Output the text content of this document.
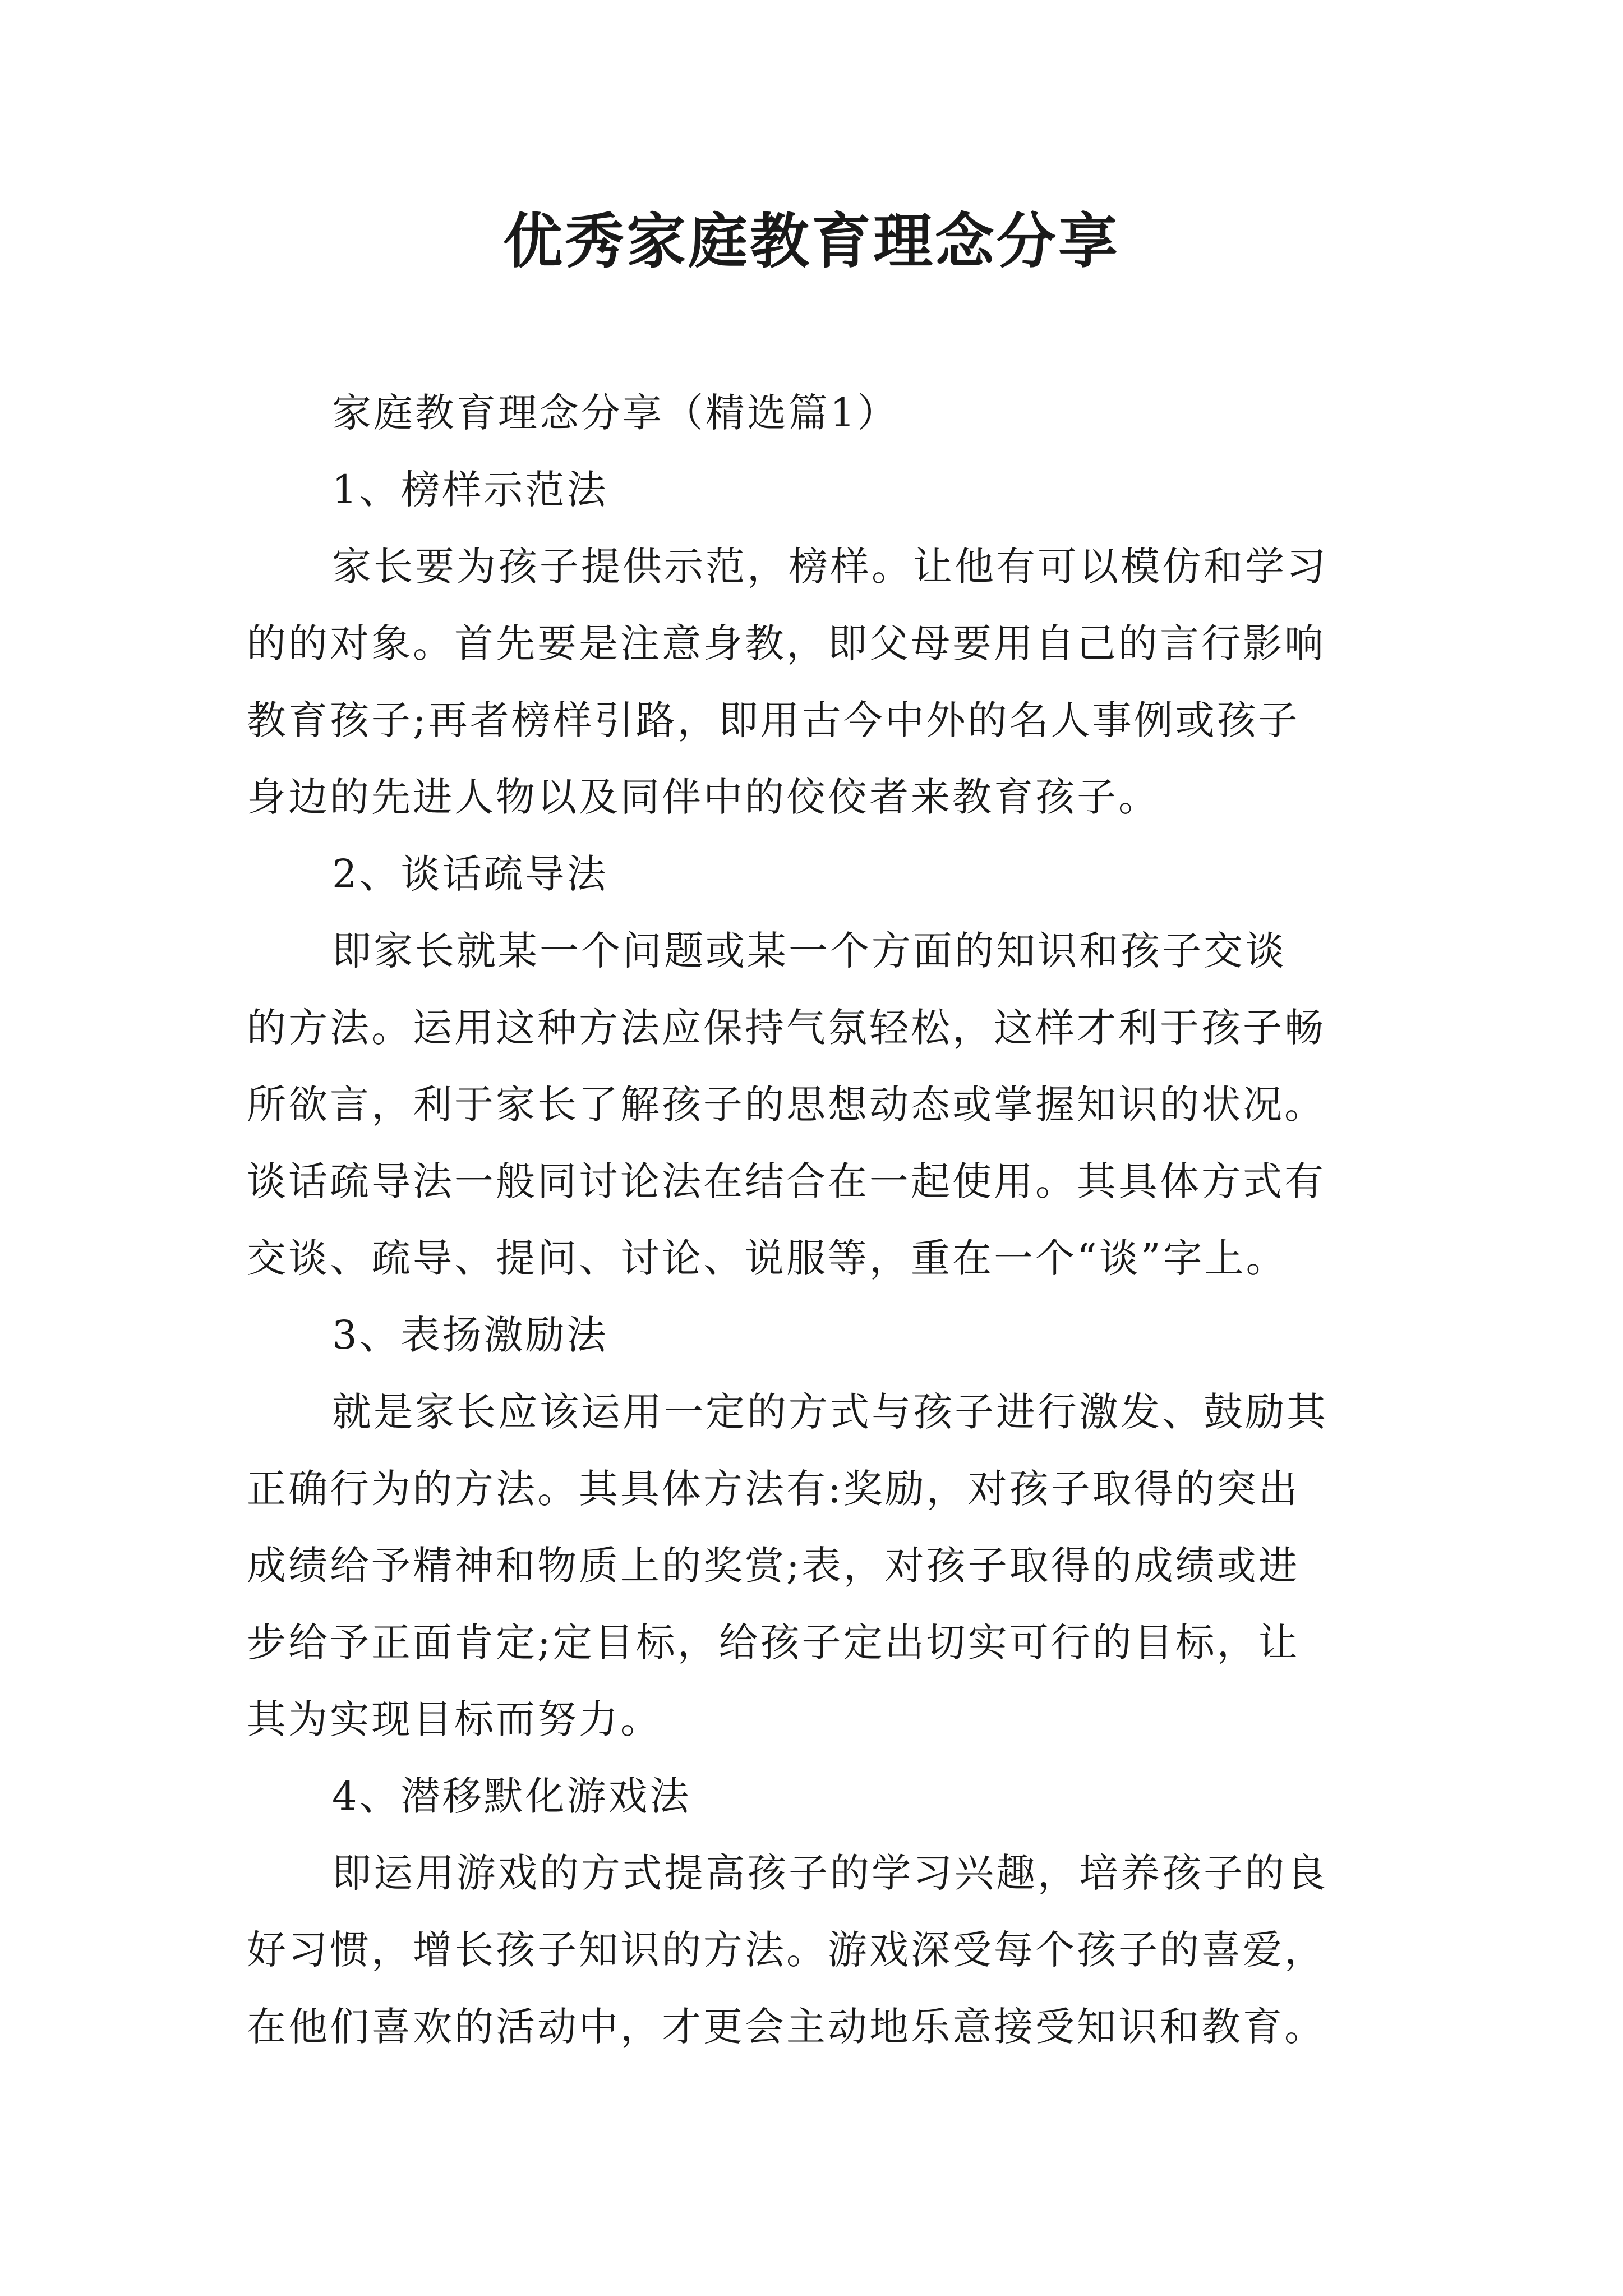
优秀家庭教育理念分享

家庭教育理念分享（精选篇1）

1、榜样示范法

家长要为孩子提供示范，榜样。让他有可以模仿和学习

的的对象。首先要是注意身教，即父母要用自己的言行影响

教育孩子;再者榜样引路，即用古今中外的名人事例或孩子

身边的先进人物以及同伴中的佼佼者来教育孩子。

2、谈话疏导法

即家长就某一个问题或某一个方面的知识和孩子交谈

的方法。运用这种方法应保持气氛轻松，这样才利于孩子畅

所欲言，利于家长了解孩子的思想动态或掌握知识的状况。

谈话疏导法一般同讨论法在结合在一起使用。其具体方式有

交谈、疏导、提问、讨论、说服等，重在一个“谈”字上。

3、表扬激励法

就是家长应该运用一定的方式与孩子进行激发、鼓励其

正确行为的方法。其具体方法有:奖励，对孩子取得的突出

成绩给予精神和物质上的奖赏;表，对孩子取得的成绩或进

步给予正面肯定;定目标，给孩子定出切实可行的目标，让

其为实现目标而努力。

4、潜移默化游戏法

即运用游戏的方式提高孩子的学习兴趣，培养孩子的良

好习惯，增长孩子知识的方法。游戏深受每个孩子的喜爱，

在他们喜欢的活动中，才更会主动地乐意接受知识和教育。
